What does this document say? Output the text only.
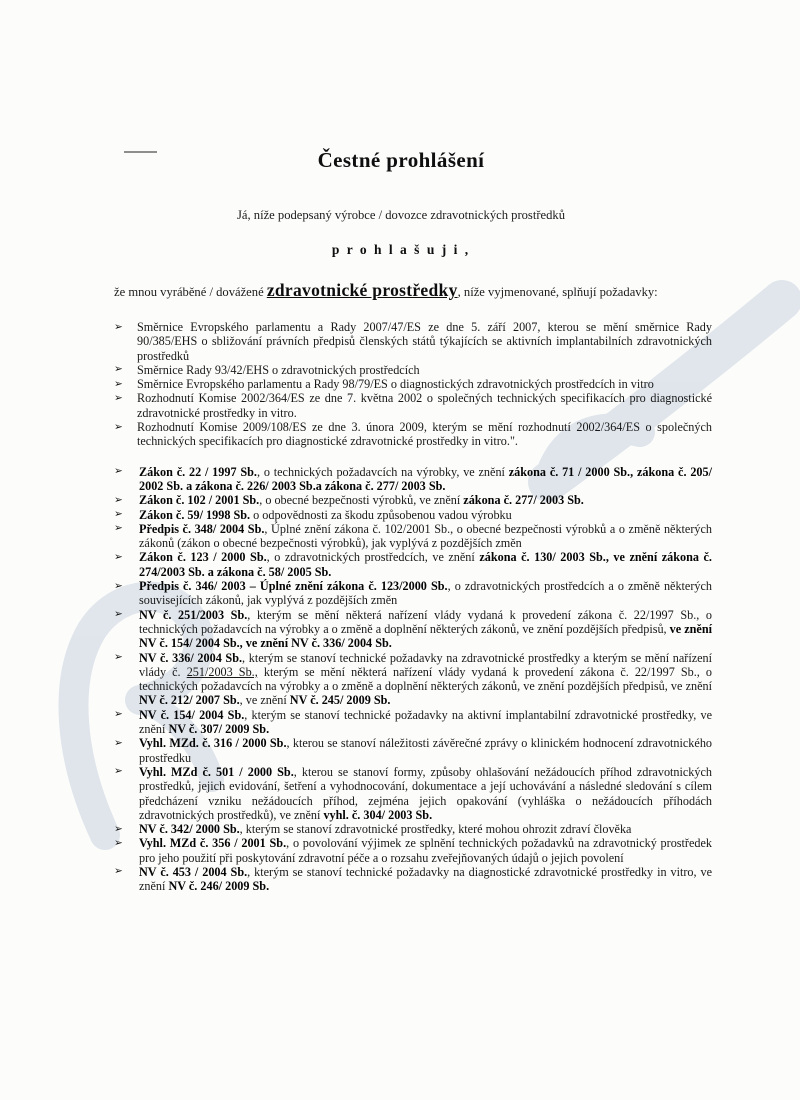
Čestné prohlášení

Já, níže podepsaný výrobce / dovozce zdravotnických prostředků

p r o h l a š u j i ,

že mnou vyráběné / dovážené zdravotnické prostředky, níže vyjmenované, splňují požadavky:

➢ Směrnice Evropského parlamentu a Rady 2007/47/ES ze dne 5. září 2007, kterou se mění směrnice Rady 90/385/EHS o sbližování právních předpisů členských států týkajících se aktivních implantabilních zdravotnických prostředků
➢ Směrnice Rady 93/42/EHS o zdravotnických prostředcích
➢ Směrnice Evropského parlamentu a Rady 98/79/ES o diagnostických zdravotnických prostředcích in vitro
➢ Rozhodnutí Komise 2002/364/ES ze dne 7. května 2002 o společných technických specifikacích pro diagnostické zdravotnické prostředky in vitro.
➢ Rozhodnutí Komise 2009/108/ES ze dne 3. února 2009, kterým se mění rozhodnutí 2002/364/ES o společných technických specifikacích pro diagnostické zdravotnické prostředky in vitro.".
➢ Zákon č. 22 / 1997 Sb., o technických požadavcích na výrobky, ve znění zákona č. 71 / 2000 Sb., zákona č. 205/ 2002 Sb. a zákona č. 226/ 2003 Sb.a zákona č. 277/ 2003 Sb.
➢ Zákon č. 102 / 2001 Sb., o obecné bezpečnosti výrobků, ve znění zákona č. 277/ 2003 Sb.
➢ Zákon č. 59/ 1998 Sb. o odpovědnosti za škodu způsobenou vadou výrobku
➢ Předpis č. 348/ 2004 Sb., Úplné znění zákona č. 102/2001 Sb., o obecné bezpečnosti výrobků a o změně některých zákonů (zákon o obecné bezpečnosti výrobků), jak vyplývá z pozdějších změn
➢ Zákon č. 123 / 2000 Sb., o zdravotnických prostředcích, ve znění zákona č. 130/ 2003 Sb., ve znění zákona č. 274/2003 Sb. a zákona č. 58/ 2005 Sb.
➢ Předpis č. 346/ 2003 – Úplné znění zákona č. 123/2000 Sb., o zdravotnických prostředcích a o změně některých souvisejících zákonů, jak vyplývá z pozdějších změn
➢ NV č. 251/2003 Sb., kterým se mění některá nařízení vlády vydaná k provedení zákona č. 22/1997 Sb., o technických požadavcích na výrobky a o změně a doplnění některých zákonů, ve znění pozdějších předpisů, ve znění NV č. 154/ 2004 Sb., ve znění NV č. 336/ 2004 Sb.
➢ NV č. 336/ 2004 Sb., kterým se stanoví technické požadavky na zdravotnické prostředky a kterým se mění nařízení vlády č. 251/2003 Sb., kterým se mění některá nařízení vlády vydaná k provedení zákona č. 22/1997 Sb., o technických požadavcích na výrobky a o změně a doplnění některých zákonů, ve znění pozdějších předpisů, ve znění NV č. 212/ 2007 Sb., ve znění NV č. 245/ 2009 Sb.
➢ NV č. 154/ 2004 Sb., kterým se stanoví technické požadavky na aktivní implantabilní zdravotnické prostředky, ve znění NV č. 307/ 2009 Sb.
➢ Vyhl. MZd. č. 316 / 2000 Sb., kterou se stanoví náležitosti závěrečné zprávy o klinickém hodnocení zdravotnického prostředku
➢ Vyhl. MZd č. 501 / 2000 Sb., kterou se stanoví formy, způsoby ohlašování nežádoucích příhod zdravotnických prostředků, jejich evidování, šetření a vyhodnocování, dokumentace a její uchovávání a následné sledování s cílem předcházení vzniku nežádoucích příhod, zejména jejich opakování (vyhláška o nežádoucích příhodách zdravotnických prostředků), ve znění vyhl. č. 304/ 2003 Sb.
➢ NV č. 342/ 2000 Sb., kterým se stanoví zdravotnické prostředky, které mohou ohrozit zdraví člověka
➢ Vyhl. MZd č. 356 / 2001 Sb., o povolování výjimek ze splnění technických požadavků na zdravotnický prostředek pro jeho použití při poskytování zdravotní péče a o rozsahu zveřejňovaných údajů o jejich povolení
➢ NV č. 453 / 2004 Sb., kterým se stanoví technické požadavky na diagnostické zdravotnické prostředky in vitro, ve znění NV č. 246/ 2009 Sb.
